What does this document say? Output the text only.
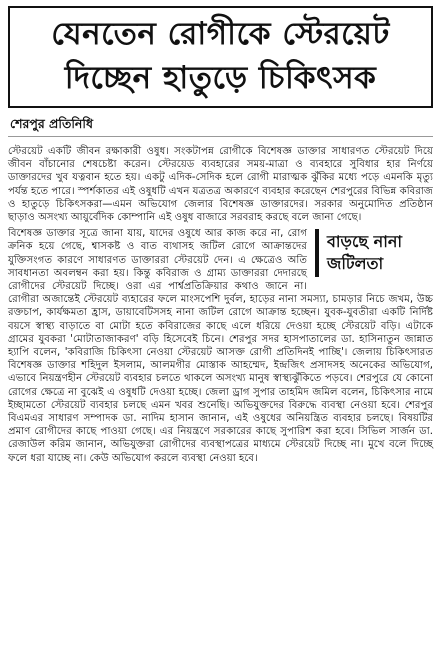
যেনতেন রোগীকে স্টেরয়েট
দিচ্ছেন হাতুড়ে চিকিৎসক
শেরপুর প্রতিনিধি

স্টেরয়েট একটি জীবন রক্ষাকারী ওষুধ। সংকটাপন্ন রোগীকে বিশেষজ্ঞ ডাক্তার সাধারণত স্টেরয়েট দিয়ে জীবন বাঁচানোর শেষচেষ্টা করেন। স্টেরয়েড ব্যবহারের সময়-মাত্রা ও ব্যবহারে সুবিধার হার নির্ণয়ে ডাক্তারদের খুব যত্নবান হতে হয়। একটু এদিক-সেদিক হলে রোগী মারাত্মক ঝুঁকির মধ্যে পড়ে এমনকি মৃত্যু পর্যন্ত হতে পারে। স্পর্শকাতর এই ওষুধটি এখন যত্রতত্র অকারণে ব্যবহার করেছেন শেরপুরের বিভিন্ন কবিরাজ ও হাতুড়ে চিকিৎসকরা—এমন অভিযোগ জেলার বিশেষজ্ঞ ডাক্তারদের। সরকার অনুমোদিত প্রতিষ্ঠান ছাড়াও অসংখ্য আয়ুর্বেদিক কোম্পানি এই ওষুধ বাজারে সরবরাহ করছে বলে জানা গেছে।

বাড়ছে নানা
জটিলতা

বিশেষজ্ঞ ডাক্তার সূত্রে জানা যায়, যাদের ওষুধে আর কাজ করে না, রোগ ক্রনিক হয়ে গেছে, শ্বাসকষ্ট ও বাত ব্যথাসহ জটিল রোগে আক্রান্তদের যুক্তিসংগত কারণে সাধারণত ডাক্তাররা স্টেরয়েট দেন। এ ক্ষেত্রেও অতি সাবধানতা অবলম্বন করা হয়। কিন্তু কবিরাজ ও গ্রাম্য ডাক্তাররা দেদারছে রোগীদের স্টেরয়েট দিচ্ছে। ওরা এর পার্শ্বপ্রতিক্রিয়ার কথাও জানে না। রোগীরা অজান্তেই স্টেরয়েট ব্যহারের ফলে মাংসপেশি দুর্বল, হাড়ের নানা সমস্যা, চামড়ার নিচে জখম, উচ্চ রক্তচাপ, কার্যক্ষমতা হ্রাস, ডায়াবেটিসসহ নানা জটিল রোগে আক্রান্ত হচ্ছেন। যুবক-যুবতীরা একটি নির্দিষ্ট বয়সে স্বাস্থ্য বাড়াতে বা মোটা হতে কবিরাজের কাছে এলে ধরিয়ে দেওয়া হচ্ছে স্টেরয়েট বড়ি। এটাকে গ্রামের যুবকরা 'মোটাতাজাকরণ' বড়ি হিসেবেই চিনে। শেরপুর সদর হাসপাতালের ডা. হাসিনাতুন জান্নাত হ্যাপি বলেন, 'কবিরাজি চিকিৎসা নেওয়া স্টেরয়েট আসক্ত রোগী প্রতিদিনই পাচ্ছি'। জেলায় চিকিৎসারত বিশেষজ্ঞ ডাক্তার শহিদুল ইসলাম, আলমগীর মোস্তাক আহম্মেদ, ইন্দ্রজিৎ প্রসাদসহ অনেকের অভিযোগ, এভাবে নিয়ন্ত্রণহীন স্টেরয়েট ব্যবহার চলতে থাকলে অসংখ্য মানুষ স্বাস্থ্যঝুঁকিতে পড়বে। শেরপুরে যে কোনো রোগের ক্ষেত্রে না বুঝেই এ ওষুধটি দেওয়া হচ্ছে। জেলা ড্রাগ সুপার তাহমিদ জমিল বলেন, চিকিৎসার নামে ইচ্ছামতো স্টেরয়েট ব্যবহার চলছে এমন খবর শুনেছি। অভিযুক্তদের বিরুদ্ধে ব্যবস্থা নেওয়া হবে। শেরপুর বিএমএর সাধারণ সম্পাদক ডা. নাদিম হাসান জানান, এই ওষুধের অনিয়ন্ত্রিত ব্যবহার চলছে। বিষয়টির প্রমাণ রোগীদের কাছে পাওয়া গেছে। এর নিয়ন্ত্রণে সরকারের কাছে সুপারিশ করা হবে। সিভিল সার্জন ডা. রেজাউল করিম জানান, অভিযুক্তরা রোগীদের ব্যবস্থাপত্রের মাধ্যমে স্টেরয়েট দিচ্ছে না। মুখে বলে দিচ্ছে ফলে ধরা যাচ্ছে না। কেউ অভিযোগ করলে ব্যবস্থা নেওয়া হবে।
